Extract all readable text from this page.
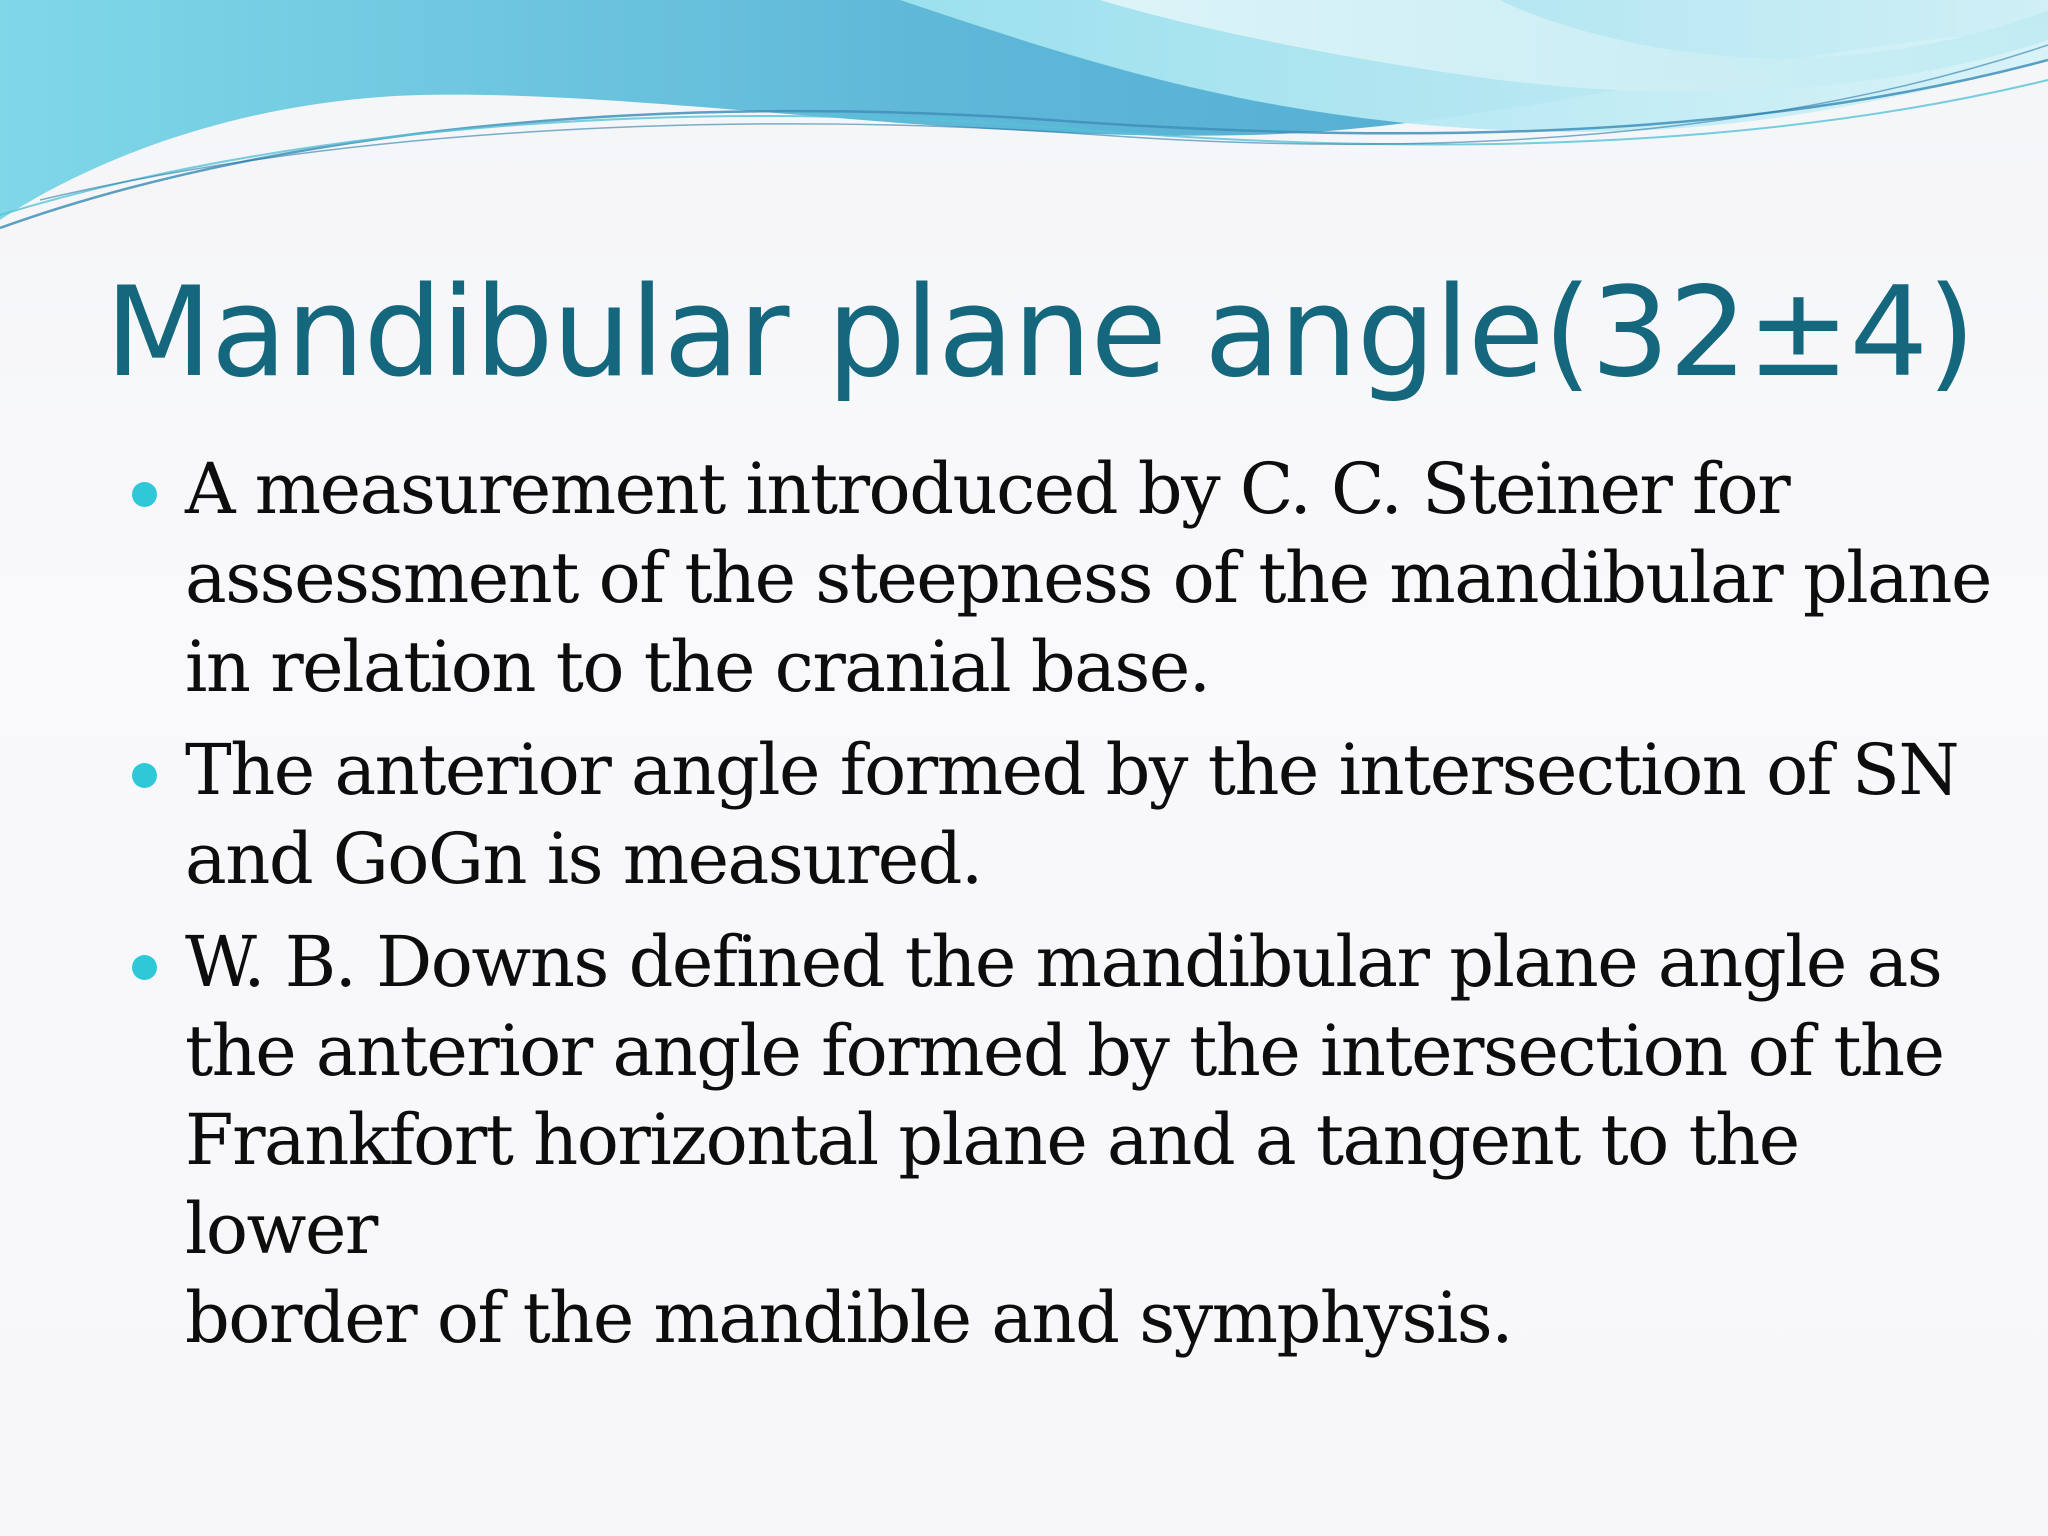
Mandibular plane angle(32±4)
A measurement introduced by C. C. Steiner for
assessment of the steepness of the mandibular plane
in relation to the cranial base.
The anterior angle formed by the intersection of SN
and GoGn is measured.
W. B. Downs defined the mandibular plane angle as
the anterior angle formed by the intersection of the
Frankfort horizontal plane and a tangent to the lower
border of the mandible and symphysis.
